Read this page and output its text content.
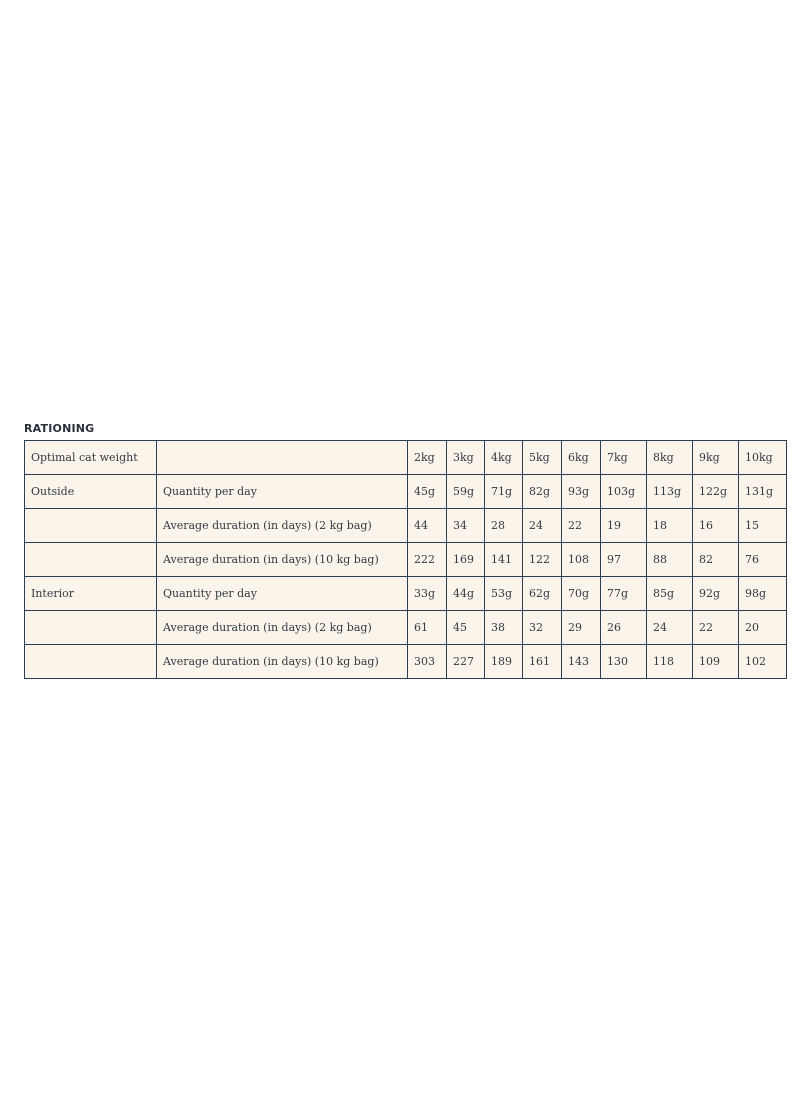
RATIONING
Optimal cat weight		2kg	3kg	4kg	5kg	6kg	7kg	8kg	9kg	10kg
Outside	Quantity per day	45g	59g	71g	82g	93g	103g	113g	122g	131g
	Average duration (in days) (2 kg bag)	44	34	28	24	22	19	18	16	15
	Average duration (in days) (10 kg bag)	222	169	141	122	108	97	88	82	76
Interior	Quantity per day	33g	44g	53g	62g	70g	77g	85g	92g	98g
	Average duration (in days) (2 kg bag)	61	45	38	32	29	26	24	22	20
	Average duration (in days) (10 kg bag)	303	227	189	161	143	130	118	109	102
